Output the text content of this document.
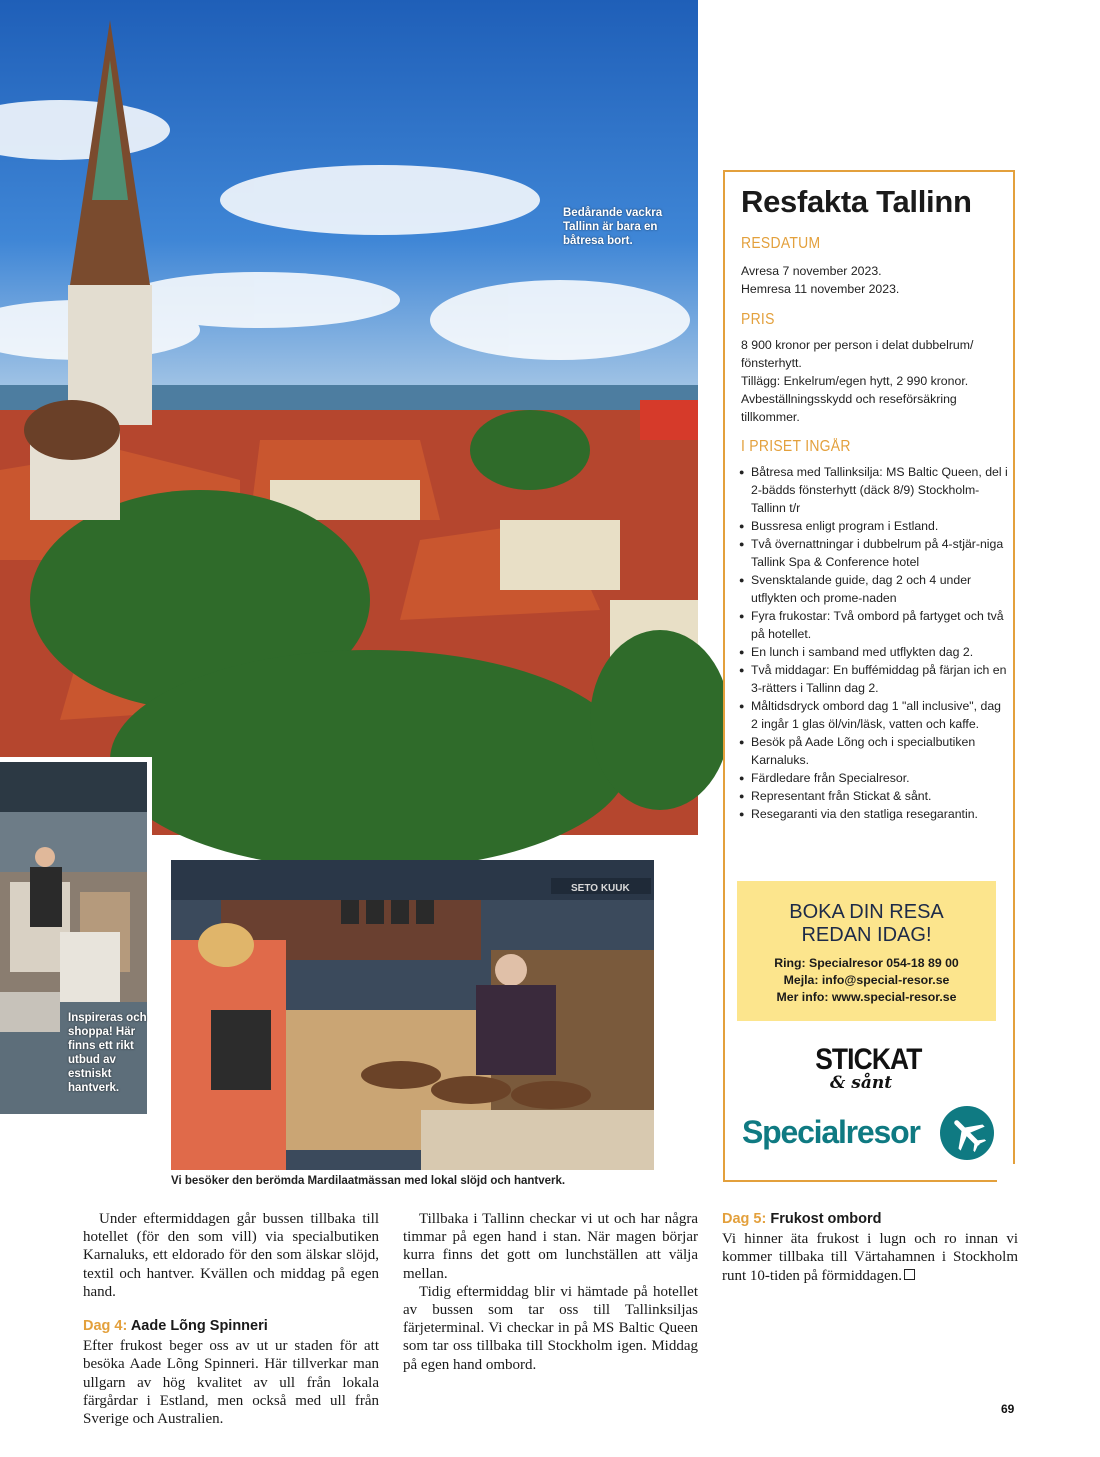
Bedårande vackra Tallinn är bara en båtresa bort.
Inspireras och shoppa! Här finns ett rikt utbud av estniskt hantverk.
SETO KUUK
Vi besöker den berömda Mardilaatmässan med lokal slöjd och hantverk.
Resfakta Tallinn
RESDATUM
Avresa 7 november 2023.
Hemresa 11 november 2023.
PRIS
8 900 kronor per person i delat dubbelrum/ fönsterhytt.
Tillägg: Enkelrum/egen hytt, 2 990 kronor. Avbeställningsskydd och reseförsäkring tillkommer.
I PRISET INGÅR
● Båtresa med Tallinksilja: MS Baltic Queen, del i 2-bädds fönsterhytt (däck 8/9) Stockholm-Tallinn t/r
● Bussresa enligt program i Estland.
● Två övernattningar i dubbelrum på 4-stjär-niga Tallink Spa & Conference hotel
● Svensktalande guide, dag 2 och 4 under utflykten och prome-naden
● Fyra frukostar: Två ombord på fartyget och två på hotellet.
● En lunch i samband med utflykten dag 2.
● Två middagar: En buffémiddag på färjan ich en 3-rätters i Tallinn dag 2.
● Måltidsdryck ombord dag 1 "all inclusive", dag 2 ingår 1 glas öl/vin/läsk, vatten och kaffe.
● Besök på Aade Lõng och i specialbutiken Karnaluks.
● Färdledare från Specialresor.
● Representant från Stickat & sånt.
● Resegaranti via den statliga resegarantin.
BOKA DIN RESA
REDAN IDAG!
Ring: Specialresor 054-18 89 00
Mejla: info@special-resor.se
Mer info: www.special-resor.se
STICKAT
& sånt
Specialresor

Under eftermiddagen går bussen tillbaka till hotellet (för den som vill) via specialbutiken Karnaluks, ett eldorado för den som älskar slöjd, textil och hantver. Kvällen och middag på egen hand.

Dag 4: Aade Lõng Spinneri

Efter frukost beger oss av ut ur staden för att besöka Aade Lõng Spinneri. Här tillverkar man ullgarn av hög kvalitet av ull från lokala färgårdar i Estland, men också med ull från Sverige och Australien.

Tillbaka i Tallinn checkar vi ut och har några timmar på egen hand i stan. När magen börjar kurra finns det gott om lunchställen att välja mellan.

Tidig eftermiddag blir vi hämtade på hotellet av bussen som tar oss till Tallinksiljas färjeterminal. Vi checkar in på MS Baltic Queen som tar oss tillbaka till Stockholm igen. Middag på egen hand ombord.

Dag 5: Frukost ombord

Vi hinner äta frukost i lugn och ro innan vi kommer tillbaka till Värtahamnen i Stockholm runt 10-tiden på förmiddagen.

69
